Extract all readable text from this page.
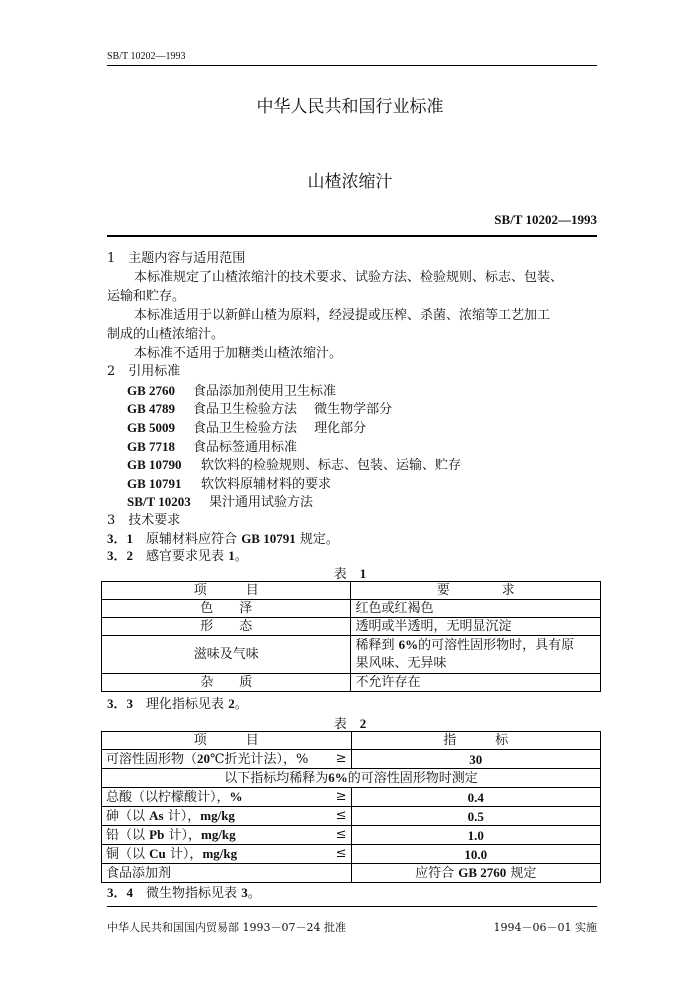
SB/T 10202—1993
中华人民共和国行业标准
山楂浓缩汁
SB/T 10202—1993
1　主题内容与适用范围
本标准规定了山楂浓缩汁的技术要求、试验方法、检验规则、标志、包装、
运输和贮存。
本标准适用于以新鲜山楂为原料，经浸提或压榨、杀菌、浓缩等工艺加工
制成的山楂浓缩汁。
本标准不适用于加糖类山楂浓缩汁。
2　引用标准
GB 2760 食品添加剂使用卫生标准
GB 4789 食品卫生检验方法　 微生物学部分
GB 5009 食品卫生检验方法　 理化部分
GB 7718 食品标签通用标准
GB 10790 软饮料的检验规则、标志、包装、运输、贮存
GB 10791 软饮料原辅材料的要求
SB/T 10203 果汁通用试验方法
3　技术要求
3．1　 原辅材料应符合 GB 10791 规定。
3．2　 感官要求见表 1。
表　 1
项　　　目	要　　　　求
色　　泽	红色或红褐色
形　　态	透明或半透明，无明显沉淀
滋味及气味	稀释到 6%的可溶性固形物时，具有原
果风味、无异味
杂　　质	不允许存在
3．3　 理化指标见表 2。
表　 2
项　　　目	指　　　标
可溶性固形物（20℃折光计法），% ≥	30
以下指标均稀释为6%的可溶性固形物时测定	
总酸（以柠檬酸计），% ≥	0.4
砷（以 As 计），mg/kg ≤	0.5
铅（以 Pb 计），mg/kg ≤	1.0
铜（以 Cu 计），mg/kg ≤	10.0
食品添加剂	应符合 GB 2760 规定
3．4　 微生物指标见表 3。
中华人民共和国国内贸易部 1993－07－24 批准	1994－06－01 实施
